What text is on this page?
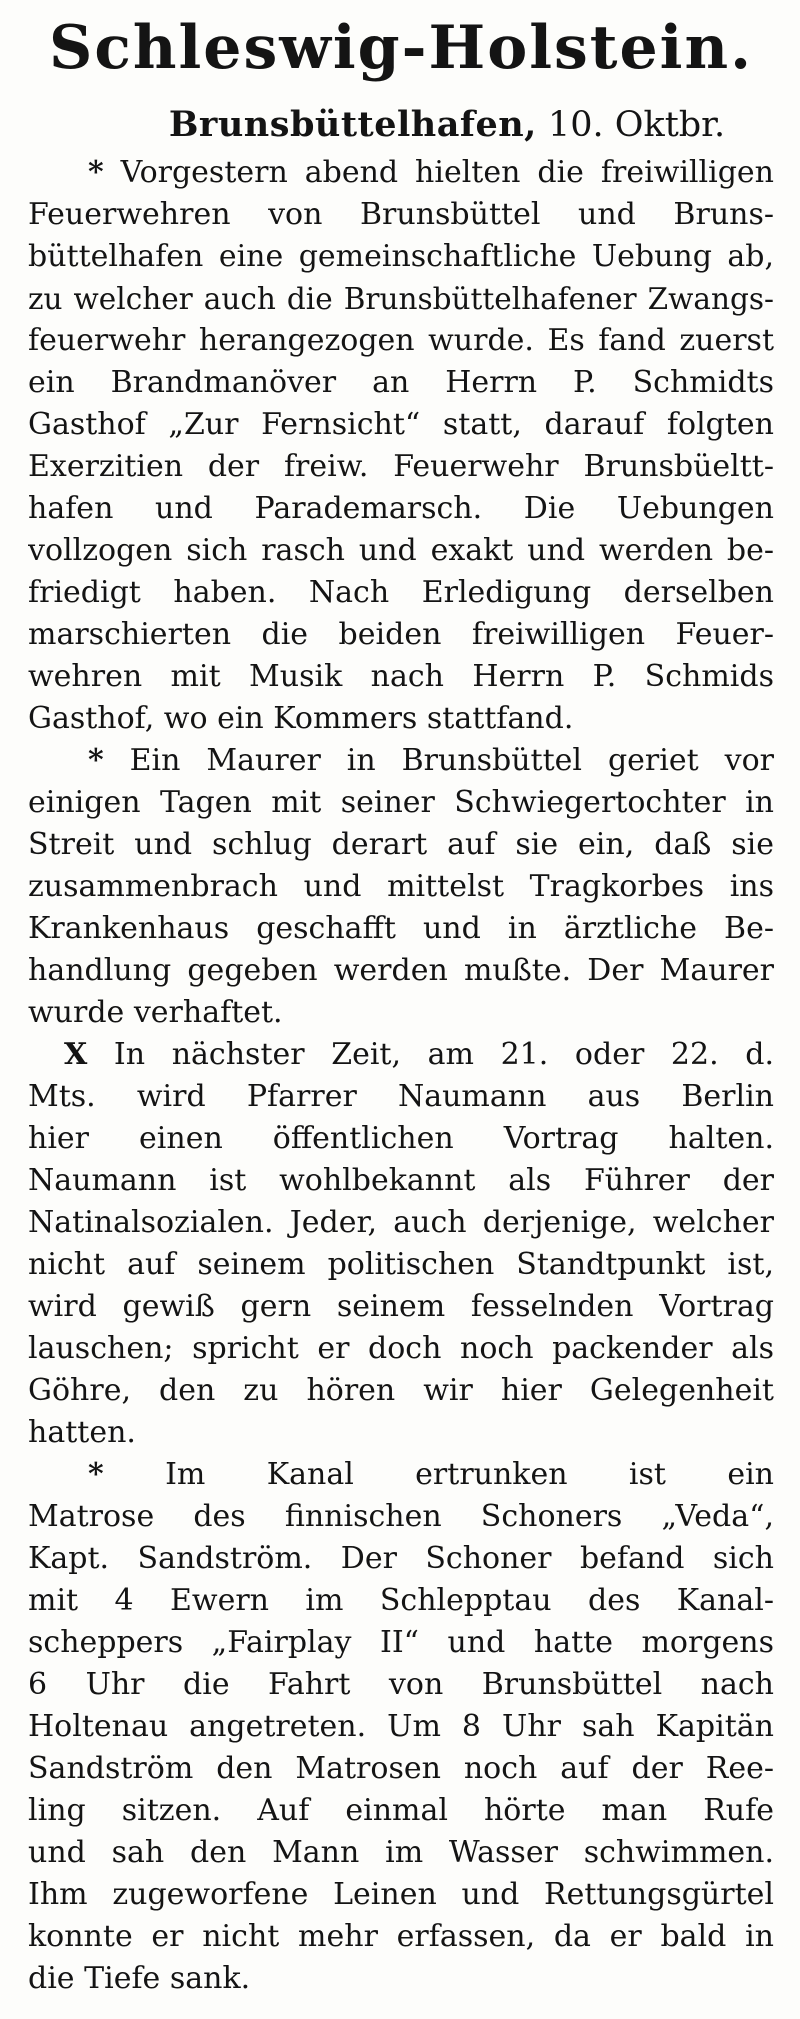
Schleswig-Holstein.
Brunsbüttelhafen, 10. Oktbr.
* Vorgestern abend hielten die freiwilligen
Feuerwehren von Brunsbüttel und Bruns-
büttelhafen eine gemeinschaftliche Uebung ab,
zu welcher auch die Brunsbüttelhafener Zwangs-
feuerwehr herangezogen wurde. Es fand zuerst
ein Brandmanöver an Herrn P. Schmidts
Gasthof „Zur Fernsicht“ statt, darauf folgten
Exerzitien der freiw. Feuerwehr Brunsbüeltt-
hafen und Parademarsch. Die Uebungen
vollzogen sich rasch und exakt und werden be-
friedigt haben. Nach Erledigung derselben
marschierten die beiden freiwilligen Feuer-
wehren mit Musik nach Herrn P. Schmids
Gasthof, wo ein Kommers stattfand.
* Ein Maurer in Brunsbüttel geriet vor
einigen Tagen mit seiner Schwiegertochter in
Streit und schlug derart auf sie ein, daß sie
zusammenbrach und mittelst Tragkorbes ins
Krankenhaus geschafft und in ärztliche Be-
handlung gegeben werden mußte. Der Maurer
wurde verhaftet.
X In nächster Zeit, am 21. oder 22. d.
Mts. wird Pfarrer Naumann aus Berlin
hier einen öffentlichen Vortrag halten.
Naumann ist wohlbekannt als Führer der
Natinalsozialen. Jeder, auch derjenige, welcher
nicht auf seinem politischen Standtpunkt ist,
wird gewiß gern seinem fesselnden Vortrag
lauschen; spricht er doch noch packender als
Göhre, den zu hören wir hier Gelegenheit
hatten.
* Im Kanal ertrunken ist ein
Matrose des finnischen Schoners „Veda“,
Kapt. Sandström. Der Schoner befand sich
mit 4 Ewern im Schlepptau des Kanal-
scheppers „Fairplay II“ und hatte morgens
6 Uhr die Fahrt von Brunsbüttel nach
Holtenau angetreten. Um 8 Uhr sah Kapitän
Sandström den Matrosen noch auf der Ree-
ling sitzen. Auf einmal hörte man Rufe
und sah den Mann im Wasser schwimmen.
Ihm zugeworfene Leinen und Rettungsgürtel
konnte er nicht mehr erfassen, da er bald in
die Tiefe sank.
